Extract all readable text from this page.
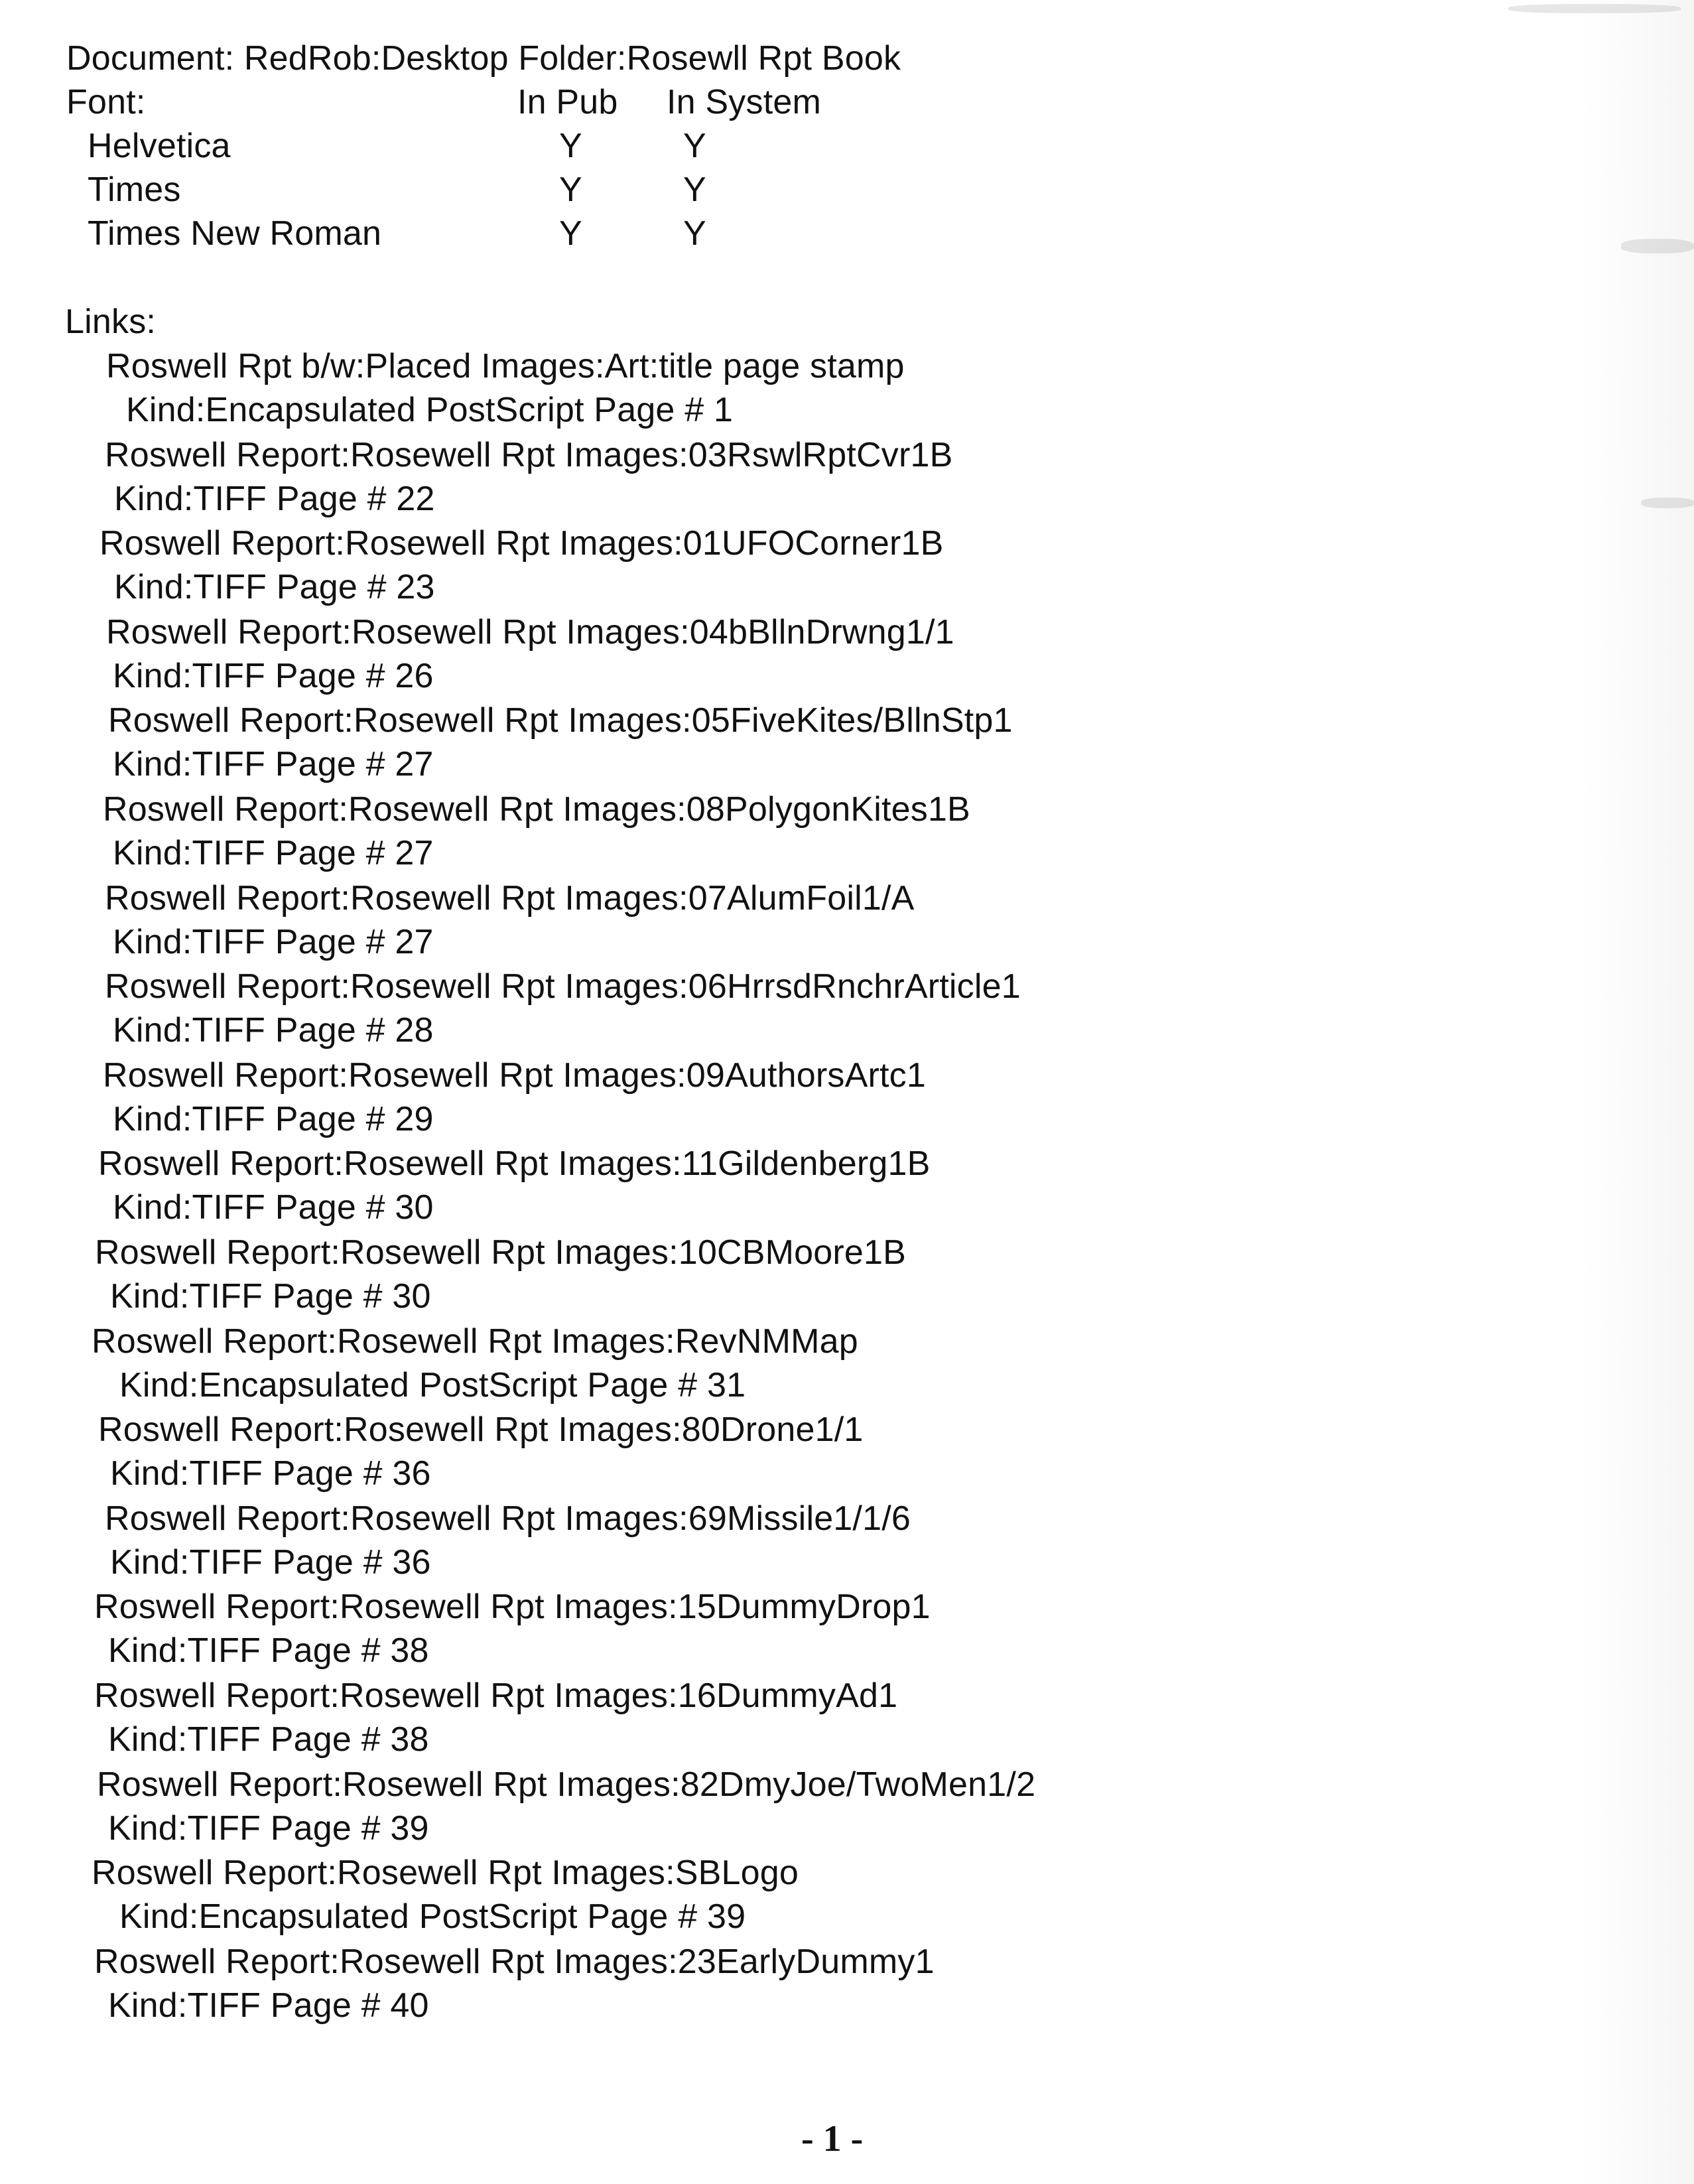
Document: RedRob:Desktop Folder:Rosewll Rpt Book
Font:	In Pub In System
Helvetica	Y	Y
Times	Y	Y
Times New Roman	Y	Y
Links:
Roswell Rpt b/w:Placed Images:Art:title page stamp
Kind:Encapsulated PostScript Page # 1
Roswell Report:Rosewell Rpt Images:03RswlRptCvr1B
Kind:TIFF Page # 22
Roswell Report:Rosewell Rpt Images:01UFOCorner1B
Kind:TIFF Page # 23
Roswell Report:Rosewell Rpt Images:04bBllnDrwng1/1
Kind:TIFF Page # 26
Roswell Report:Rosewell Rpt Images:05FiveKites/BllnStp1
Kind:TIFF Page # 27
Roswell Report:Rosewell Rpt Images:08PolygonKites1B
Kind:TIFF Page # 27
Roswell Report:Rosewell Rpt Images:07AlumFoil1/A
Kind:TIFF Page # 27
Roswell Report:Rosewell Rpt Images:06HrrsdRnchrArticle1
Kind:TIFF Page # 28
Roswell Report:Rosewell Rpt Images:09AuthorsArtc1
Kind:TIFF Page # 29
Roswell Report:Rosewell Rpt Images:11Gildenberg1B
Kind:TIFF Page # 30
Roswell Report:Rosewell Rpt Images:10CBMoore1B
Kind:TIFF Page # 30
Roswell Report:Rosewell Rpt Images:RevNMMap
Kind:Encapsulated PostScript Page # 31
Roswell Report:Rosewell Rpt Images:80Drone1/1
Kind:TIFF Page # 36
Roswell Report:Rosewell Rpt Images:69Missile1/1/6
Kind:TIFF Page # 36
Roswell Report:Rosewell Rpt Images:15DummyDrop1
Kind:TIFF Page # 38
Roswell Report:Rosewell Rpt Images:16DummyAd1
Kind:TIFF Page # 38
Roswell Report:Rosewell Rpt Images:82DmyJoe/TwoMen1/2
Kind:TIFF Page # 39
Roswell Report:Rosewell Rpt Images:SBLogo
Kind:Encapsulated PostScript Page # 39
Roswell Report:Rosewell Rpt Images:23EarlyDummy1
Kind:TIFF Page # 40
- 1 -
